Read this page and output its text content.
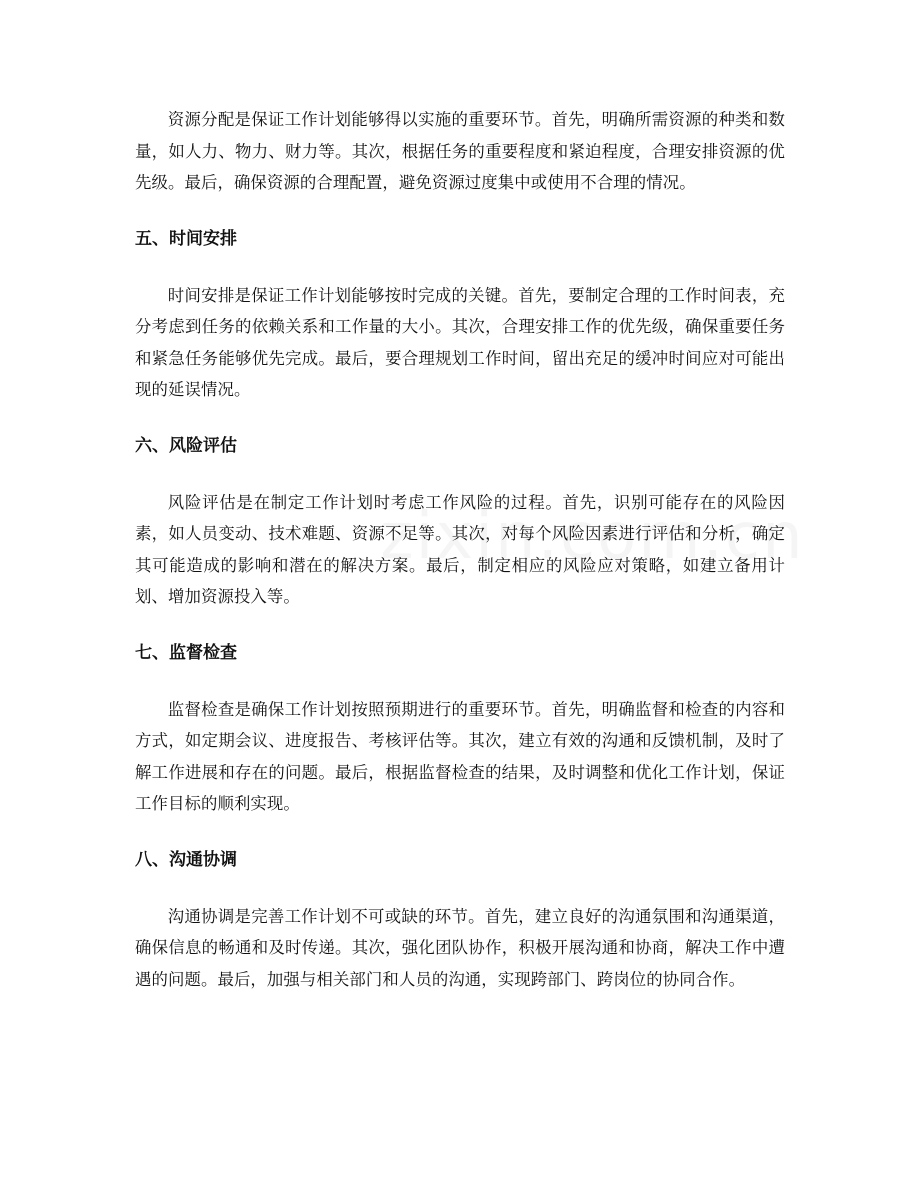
资源分配是保证工作计划能够得以实施的重要环节。首先，明确所需资源的种类和数量，如人力、物力、财力等。其次，根据任务的重要程度和紧迫程度，合理安排资源的优先级。最后，确保资源的合理配置，避免资源过度集中或使用不合理的情况。

五、时间安排

时间安排是保证工作计划能够按时完成的关键。首先，要制定合理的工作时间表，充分考虑到任务的依赖关系和工作量的大小。其次，合理安排工作的优先级，确保重要任务和紧急任务能够优先完成。最后，要合理规划工作时间，留出充足的缓冲时间应对可能出现的延误情况。

六、风险评估

风险评估是在制定工作计划时考虑工作风险的过程。首先，识别可能存在的风险因素，如人员变动、技术难题、资源不足等。其次，对每个风险因素进行评估和分析，确定其可能造成的影响和潜在的解决方案。最后，制定相应的风险应对策略，如建立备用计划、增加资源投入等。

七、监督检查

监督检查是确保工作计划按照预期进行的重要环节。首先，明确监督和检查的内容和方式，如定期会议、进度报告、考核评估等。其次，建立有效的沟通和反馈机制，及时了解工作进展和存在的问题。最后，根据监督检查的结果，及时调整和优化工作计划，保证工作目标的顺利实现。

八、沟通协调

沟通协调是完善工作计划不可或缺的环节。首先，建立良好的沟通氛围和沟通渠道，确保信息的畅通和及时传递。其次，强化团队协作，积极开展沟通和协商，解决工作中遭遇的问题。最后，加强与相关部门和人员的沟通，实现跨部门、跨岗位的协同合作。
